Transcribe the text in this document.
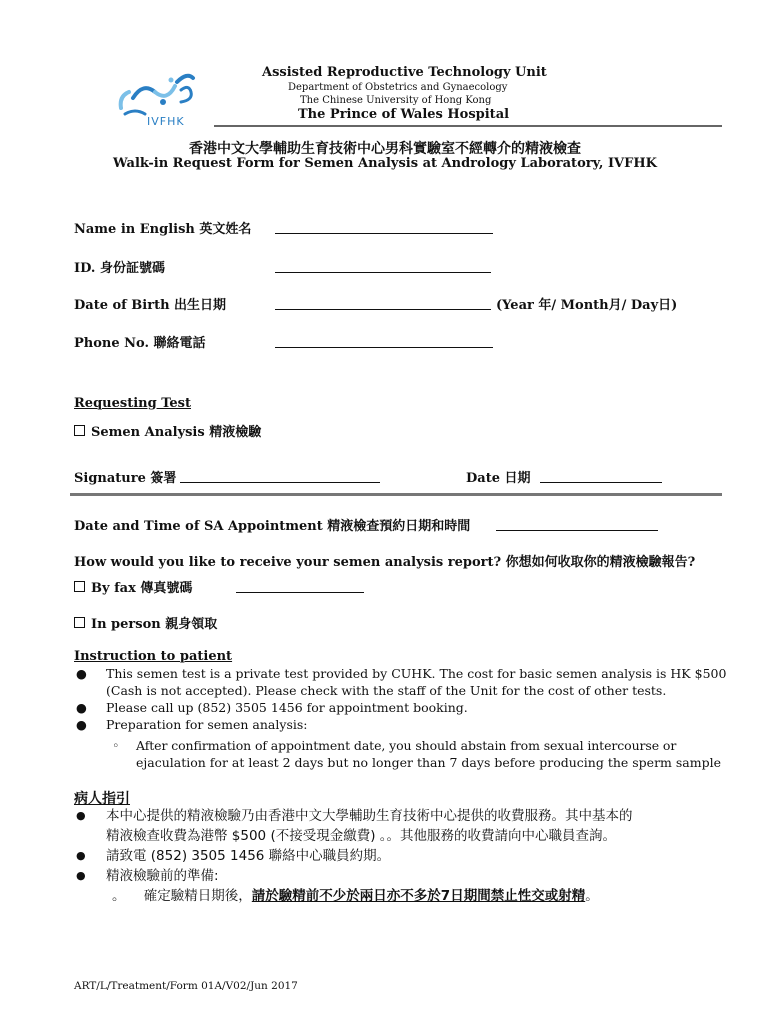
IVFHK
Assisted Reproductive Technology Unit
Department of Obstetrics and Gynaecology
The Chinese University of Hong Kong
The Prince of Wales Hospital
香港中文大學輔助生育技術中心男科實驗室不經轉介的精液檢查
Walk-in Request Form for Semen Analysis at Andrology Laboratory, IVFHK
Name in English 英文姓名
ID. 身份証號碼
Date of Birth 出生日期	(Year 年/ Month月/ Day日)
Phone No. 聯絡電話
Requesting Test
Semen Analysis 精液檢驗
Signature 簽署	Date 日期
Date and Time of SA Appointment 精液檢查預約日期和時間
How would you like to receive your semen analysis report? 你想如何收取你的精液檢驗報告?
By fax 傳真號碼
In person 親身領取
Instruction to patient
● This semen test is a private test provided by CUHK. The cost for basic semen analysis is HK $500
(Cash is not accepted). Please check with the staff of the Unit for the cost of other tests.
● Please call up (852) 3505 1456 for appointment booking.
● Preparation for semen analysis:
◦	After confirmation of appointment date, you should abstain from sexual intercourse or
ejaculation for at least 2 days but no longer than 7 days before producing the sperm sample
病人指引
● 本中心提供的精液檢驗乃由香港中文大學輔助生育技術中心提供的收費服務。其中基本的
精液檢查收費為港幣 $500 (不接受現金繳費) 。。其他服務的收費請向中心職員查詢。
● 請致電 (852) 3505 1456 聯絡中心職員約期。
● 精液檢驗前的準備:
。 確定驗精日期後，請於驗精前不少於兩日亦不多於7日期間禁止性交或射精。
ART/L/Treatment/Form 01A/V02/Jun 2017
